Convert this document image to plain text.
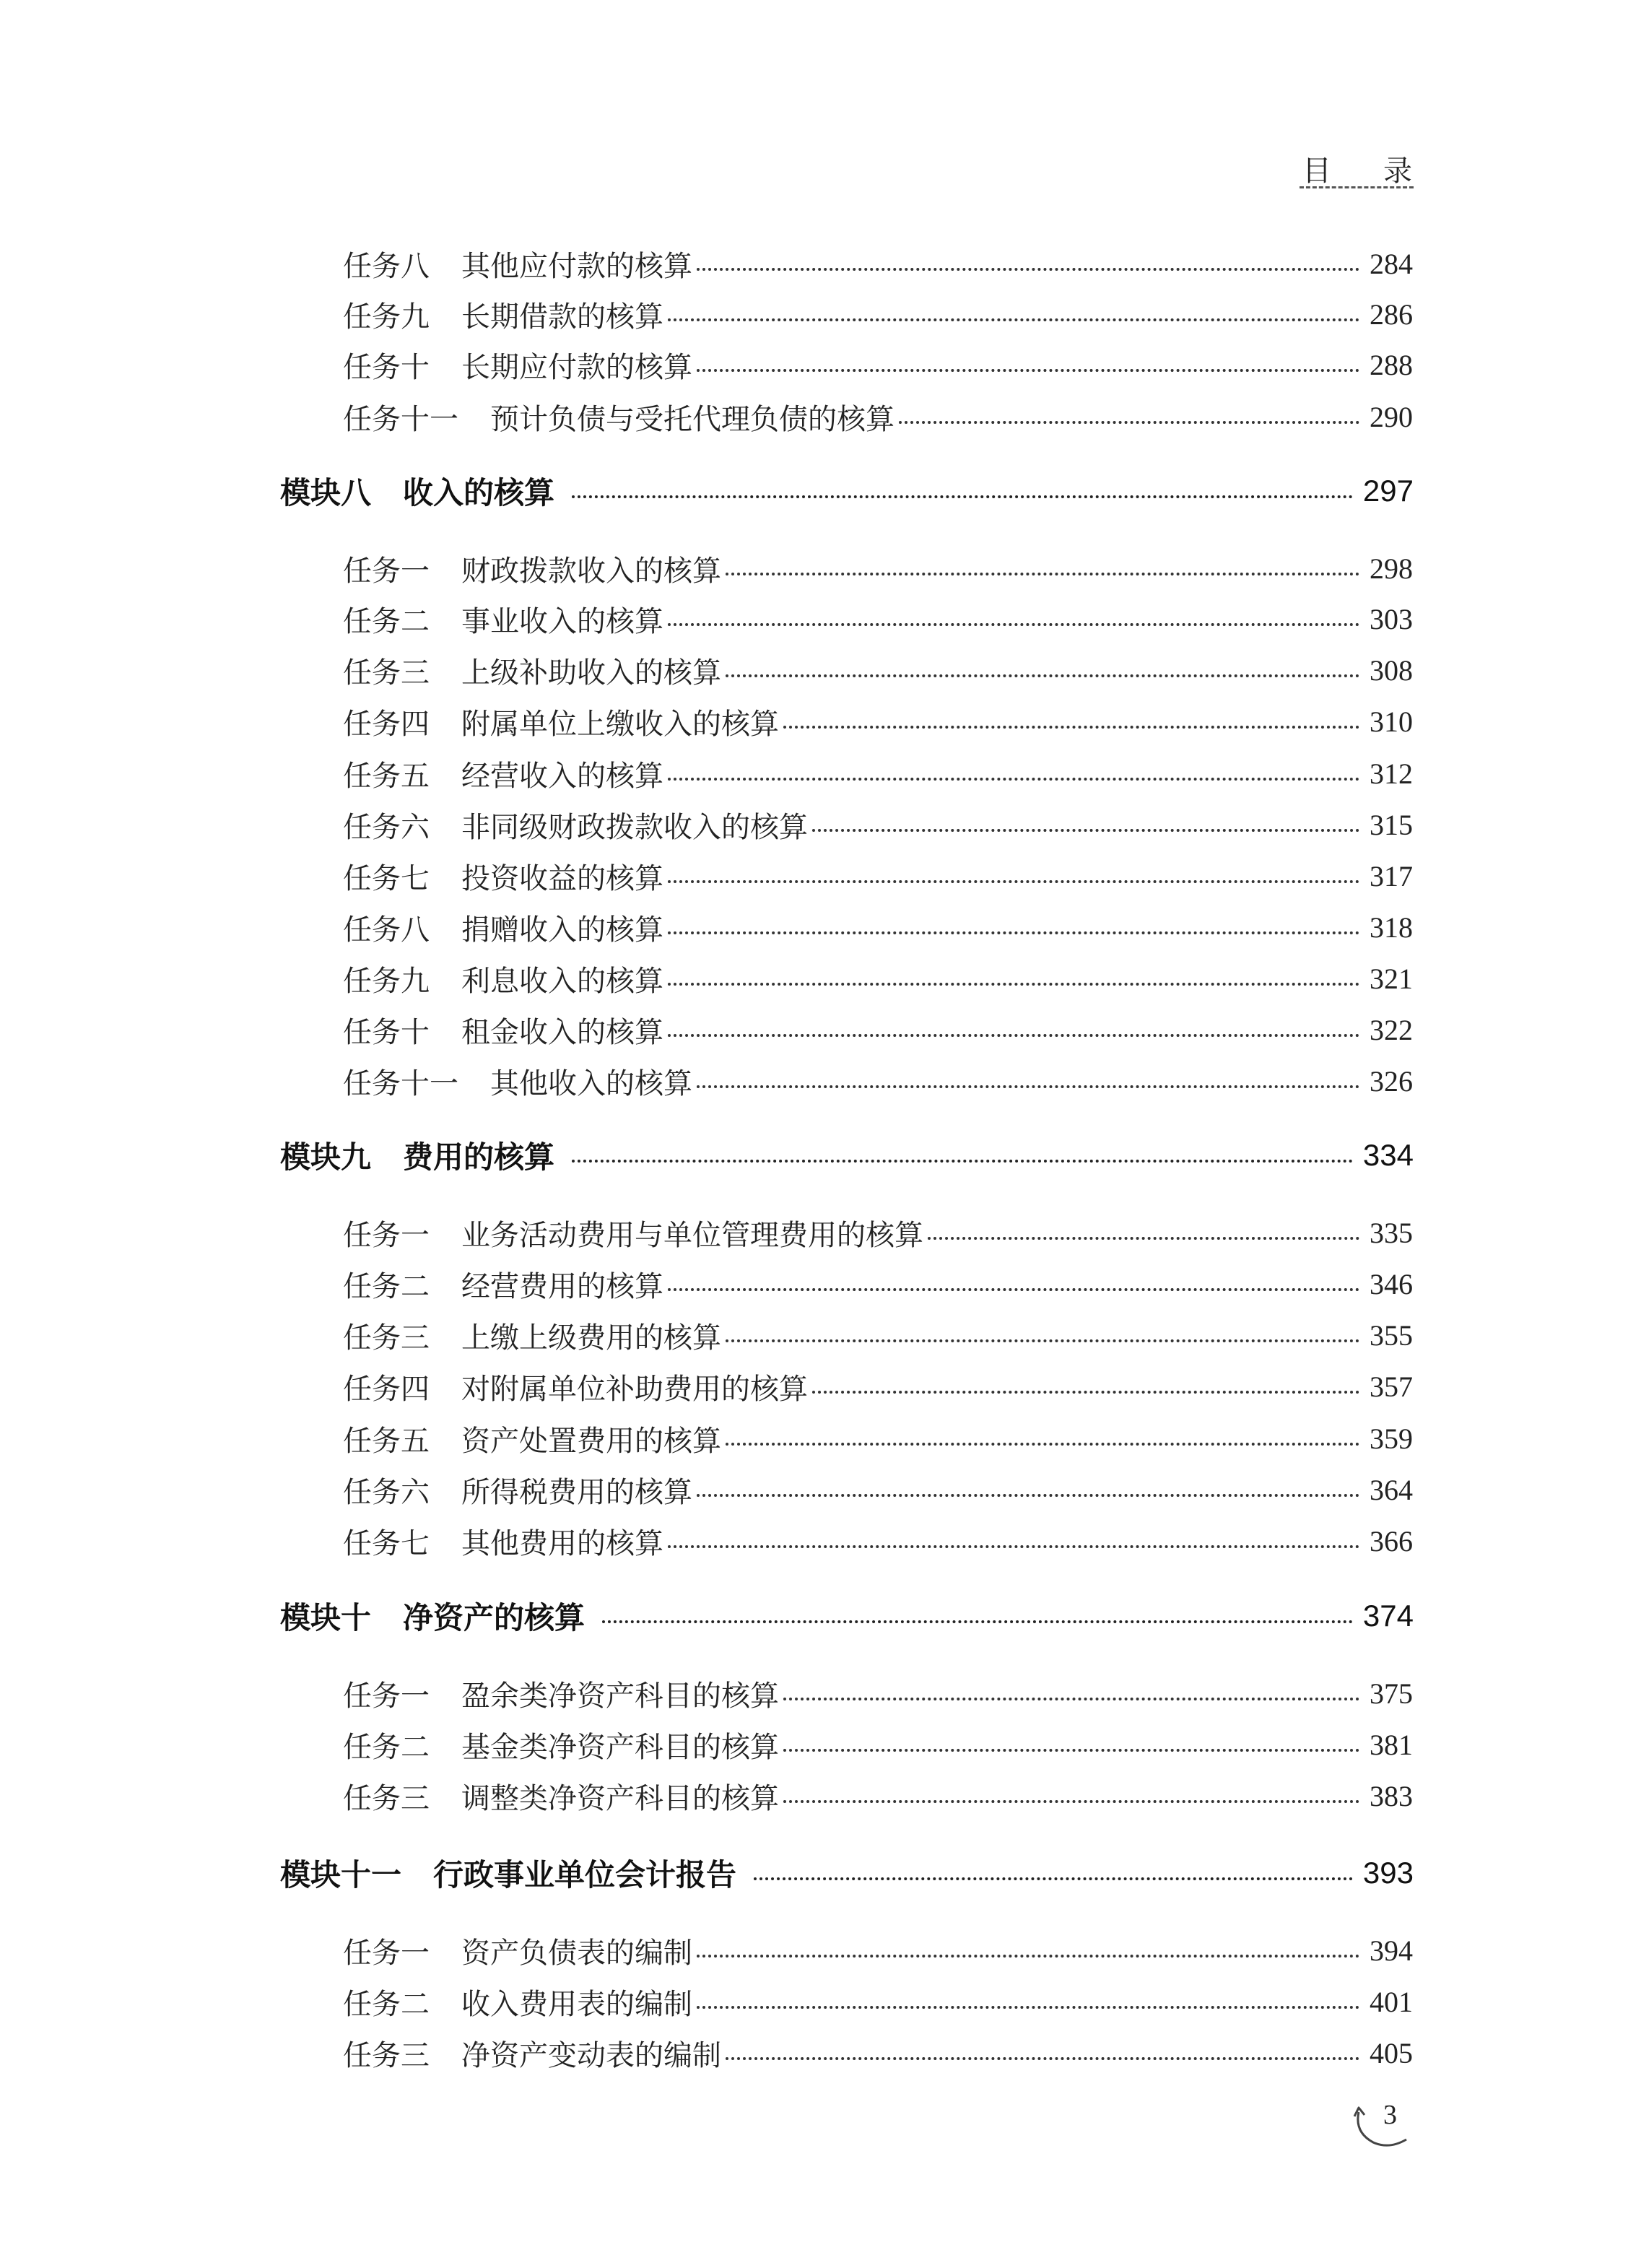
目 录
任务八 其他应付款的核算	284
任务九 长期借款的核算	286
任务十 长期应付款的核算	288
任务十一 预计负债与受托代理负债的核算	290
模块八 收入的核算	297
任务一 财政拨款收入的核算	298
任务二 事业收入的核算	303
任务三 上级补助收入的核算	308
任务四 附属单位上缴收入的核算	310
任务五 经营收入的核算	312
任务六 非同级财政拨款收入的核算	315
任务七 投资收益的核算	317
任务八 捐赠收入的核算	318
任务九 利息收入的核算	321
任务十 租金收入的核算	322
任务十一 其他收入的核算	326
模块九 费用的核算	334
任务一 业务活动费用与单位管理费用的核算	335
任务二 经营费用的核算	346
任务三 上缴上级费用的核算	355
任务四 对附属单位补助费用的核算	357
任务五 资产处置费用的核算	359
任务六 所得税费用的核算	364
任务七 其他费用的核算	366
模块十 净资产的核算	374
任务一 盈余类净资产科目的核算	375
任务二 基金类净资产科目的核算	381
任务三 调整类净资产科目的核算	383
模块十一 行政事业单位会计报告	393
任务一 资产负债表的编制	394
任务二 收入费用表的编制	401
任务三 净资产变动表的编制	405
3
